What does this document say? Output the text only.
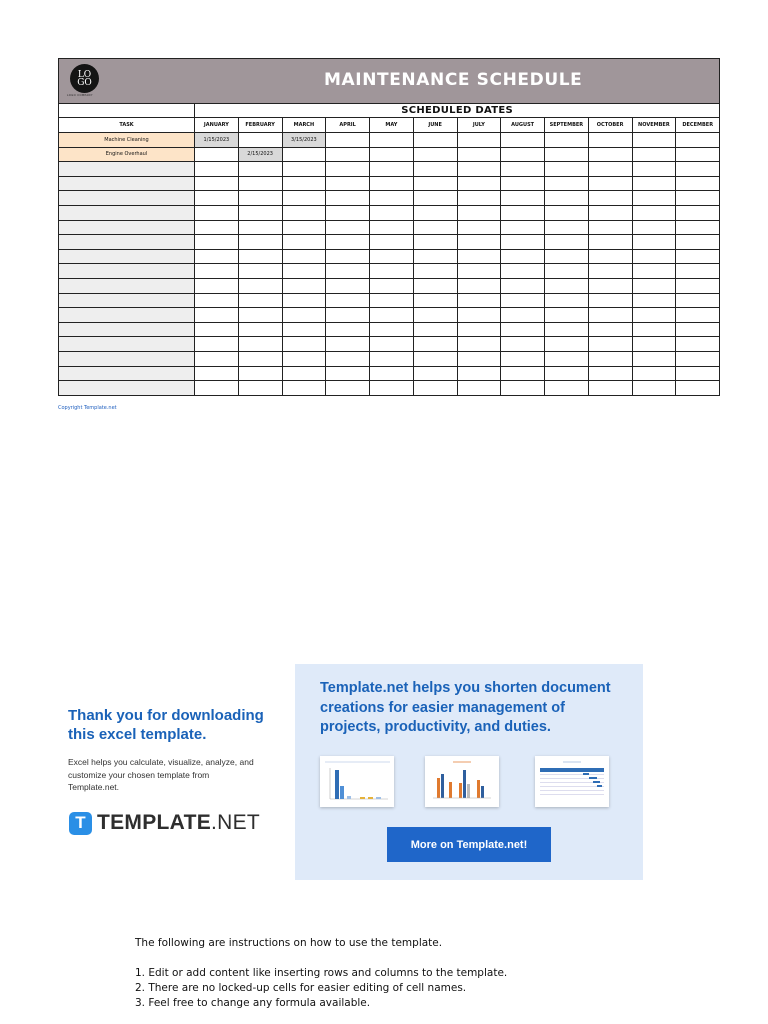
LO
GO
LOGO COMPANY
MAINTENANCE SCHEDULE												

	SCHEDULED DATES											
TASK	JANUARY	FEBRUARY	MARCH	APRIL	MAY	JUNE	JULY	AUGUST	SEPTEMBER	OCTOBER	NOVEMBER	DECEMBER
Machine Cleaning	1/15/2023		3/15/2023									
Engine Overhaul		2/15/2023										

Copyright Template.net
Thank you for downloading
this excel template.

Excel helps you calculate, visualize, analyze, and
customize your chosen template from
Template.net.

T TEMPLATE.NET
Template.net helps you shorten document
creations for easier management of
projects, productivity, and duties.
More on Template.net!
The following are instructions on how to use the template.
1. Edit or add content like inserting rows and columns to the template.
2. There are no locked-up cells for easier editing of cell names.
3. Feel free to change any formula available.
